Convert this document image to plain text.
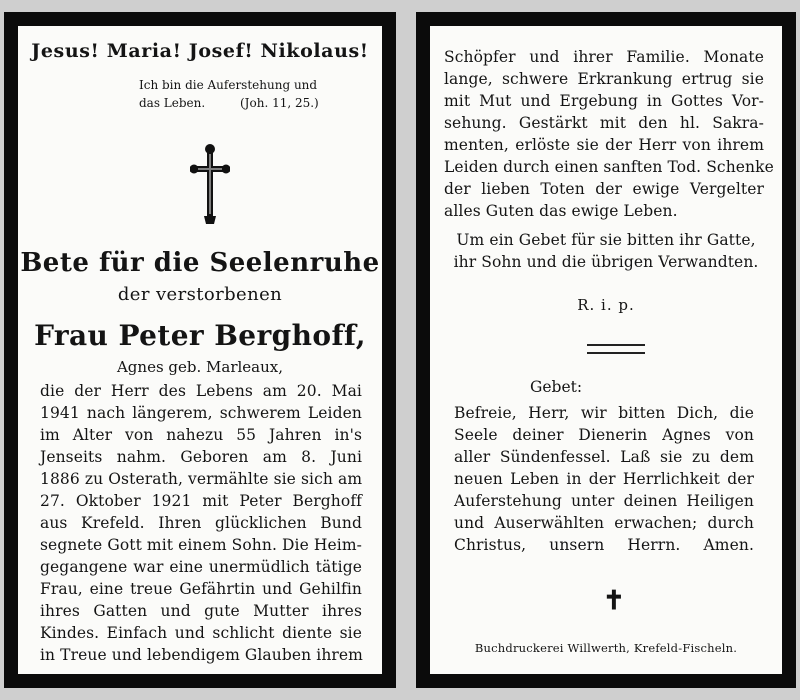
Jesus! Maria! Josef! Nikolaus!
Ich bin die Auferstehung und
das Leben.	(Joh. 11, 25.)
Bete für die Seelenruhe
der verstorbenen
Frau Peter Berghoff,
Agnes geb. Marleaux,
die der Herr des Lebens am 20. Mai
1941 nach längerem, schwerem Leiden
im Alter von nahezu 55 Jahren in's
Jenseits nahm. Geboren am 8. Juni
1886 zu Osterath, vermählte sie sich am
27. Oktober 1921 mit Peter Berghoff
aus Krefeld. Ihren glücklichen Bund
segnete Gott mit einem Sohn. Die Heim-
gegangene war eine unermüdlich tätige
Frau, eine treue Gefährtin und Gehilfin
ihres Gatten und gute Mutter ihres
Kindes. Einfach und schlicht diente sie
in Treue und lebendigem Glauben ihrem
Schöpfer und ihrer Familie. Monate
lange, schwere Erkrankung ertrug sie
mit Mut und Ergebung in Gottes Vor-
sehung. Gestärkt mit den hl. Sakra-
menten, erlöste sie der Herr von ihrem
Leiden durch einen sanften Tod. Schenke
der lieben Toten der ewige Vergelter
alles Guten das ewige Leben.
Um ein Gebet für sie bitten ihr Gatte,
ihr Sohn und die übrigen Verwandten.
R. i. p.
Gebet:
Befreie, Herr, wir bitten Dich, die
Seele deiner Dienerin Agnes von
aller Sündenfessel. Laß sie zu dem
neuen Leben in der Herrlichkeit der
Auferstehung unter deinen Heiligen
und Auserwählten erwachen; durch
Christus, unsern Herrn. Amen.
✝
Buchdruckerei Willwerth, Krefeld-Fischeln.
